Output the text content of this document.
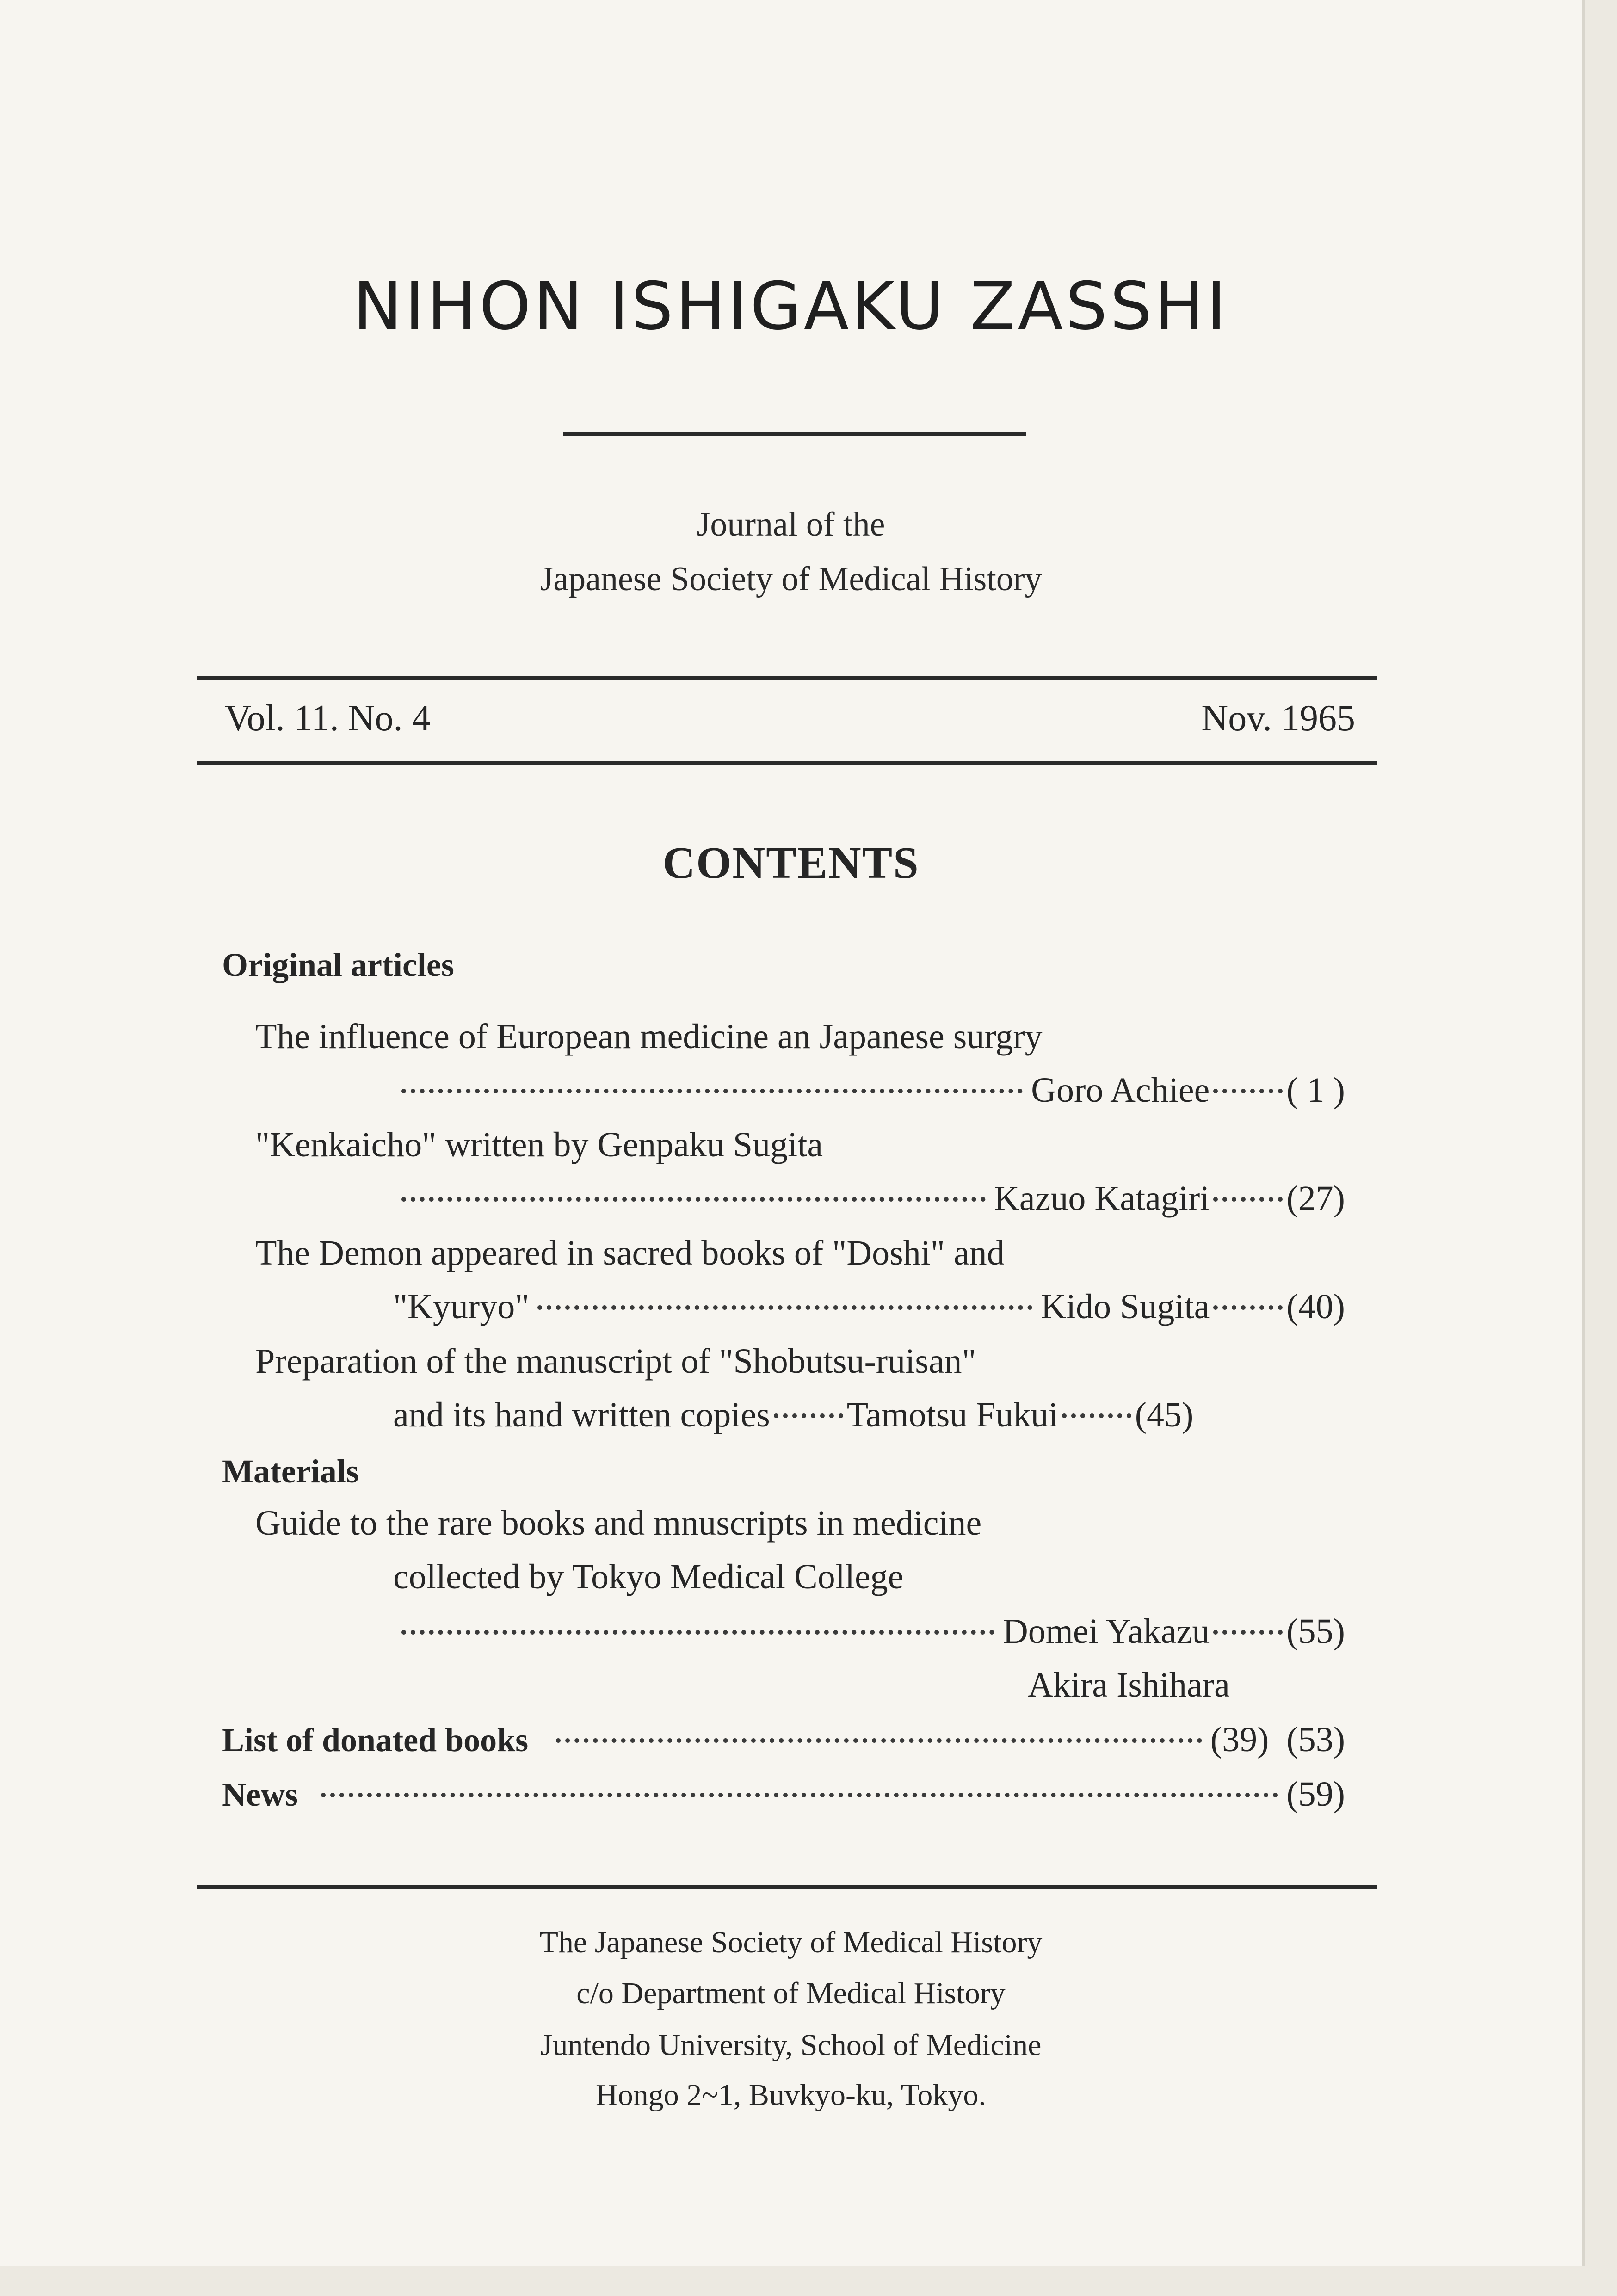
NIHON ISHIGAKU ZASSHI
Journal of the
Japanese Society of Medical History
Vol. 11. No. 4	Nov. 1965
CONTENTS
Original articles
The influence of European medicine an Japanese surgry
Goro Achiee ( 1 )
"Kenkaicho" written by Genpaku Sugita
Kazuo Katagiri (27)
The Demon appeared in sacred books of "Doshi" and
"Kyuryo"	Kido Sugita (40)
Preparation of the manuscript of "Shobutsu-ruisan"
and its hand written copies Tamotsu Fukui (45)
Materials
Guide to the rare books and mnuscripts in medicine
collected by Tokyo Medical College
Domei Yakazu (55)
Akira Ishihara
List of donated books	(39)  (53)
News	(59)
The Japanese Society of Medical History
c/o Department of Medical History
Juntendo University, School of Medicine
Hongo 2~1, Buvkyo-ku, Tokyo.
